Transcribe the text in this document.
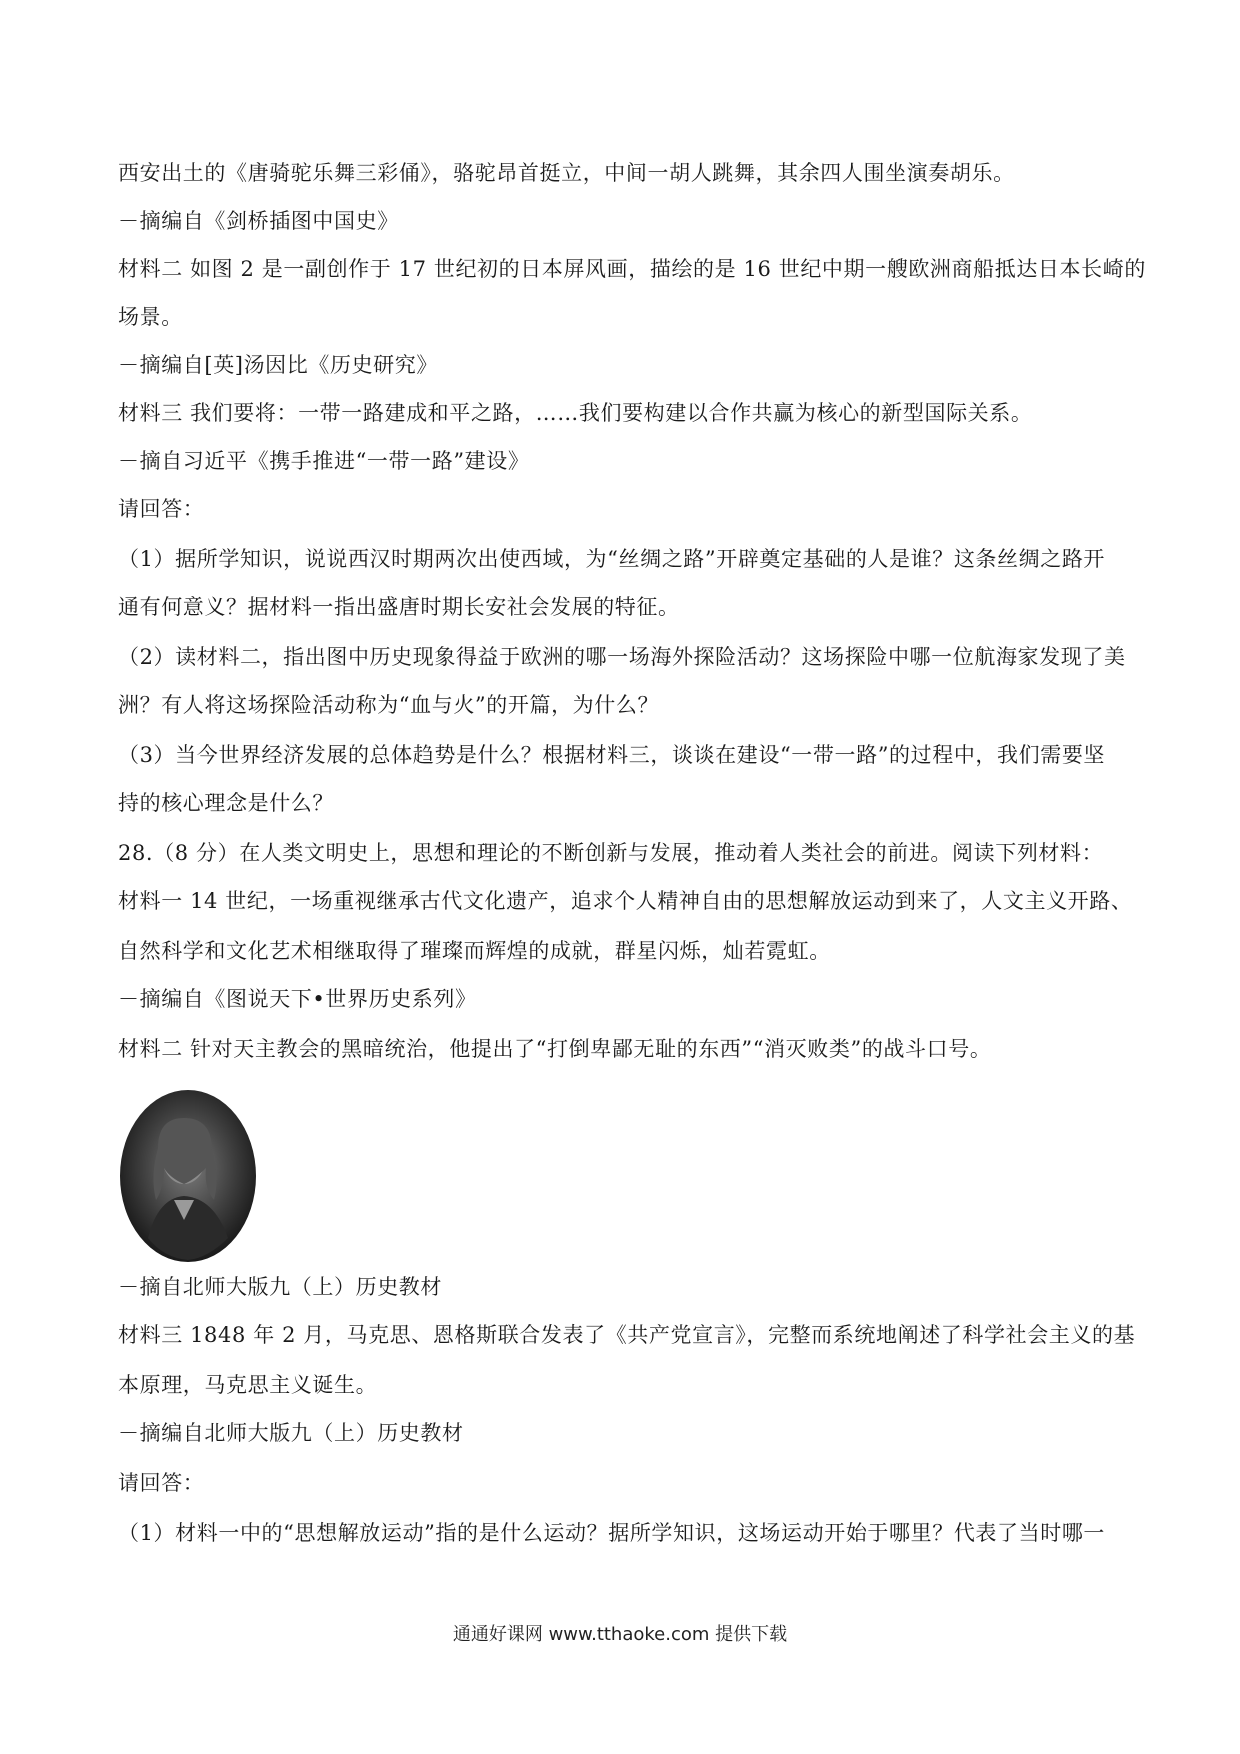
西安出土的《唐骑驼乐舞三彩俑》，骆驼昂首挺立，中间一胡人跳舞，其余四人围坐演奏胡乐。
－摘编自《剑桥插图中国史》
材料二 如图 2 是一副创作于 17 世纪初的日本屏风画，描绘的是 16 世纪中期一艘欧洲商船抵达日本长崎的
场景。
－摘编自[英]汤因比《历史研究》
材料三 我们要将：一带一路建成和平之路，……我们要构建以合作共赢为核心的新型国际关系。
－摘自习近平《携手推进“一带一路”建设》
请回答：
（1）据所学知识，说说西汉时期两次出使西域，为“丝绸之路”开辟奠定基础的人是谁？这条丝绸之路开
通有何意义？据材料一指出盛唐时期长安社会发展的特征。
（2）读材料二，指出图中历史现象得益于欧洲的哪一场海外探险活动？这场探险中哪一位航海家发现了美
洲？有人将这场探险活动称为“血与火”的开篇，为什么？
（3）当今世界经济发展的总体趋势是什么？根据材料三，谈谈在建设“一带一路”的过程中，我们需要坚
持的核心理念是什么？
28.（8 分）在人类文明史上，思想和理论的不断创新与发展，推动着人类社会的前进。阅读下列材料：
材料一 14 世纪，一场重视继承古代文化遗产，追求个人精神自由的思想解放运动到来了，人文主义开路、
自然科学和文化艺术相继取得了璀璨而辉煌的成就，群星闪烁，灿若霓虹。
－摘编自《图说天下•世界历史系列》
材料二 针对天主教会的黑暗统治，他提出了“打倒卑鄙无耻的东西”“消灭败类”的战斗口号。
－摘自北师大版九（上）历史教材
材料三 1848 年 2 月，马克思、恩格斯联合发表了《共产党宣言》，完整而系统地阐述了科学社会主义的基
本原理，马克思主义诞生。
－摘编自北师大版九（上）历史教材
请回答：
（1）材料一中的“思想解放运动”指的是什么运动？据所学知识，这场运动开始于哪里？代表了当时哪一
通通好课网 www.tthaoke.com 提供下载
